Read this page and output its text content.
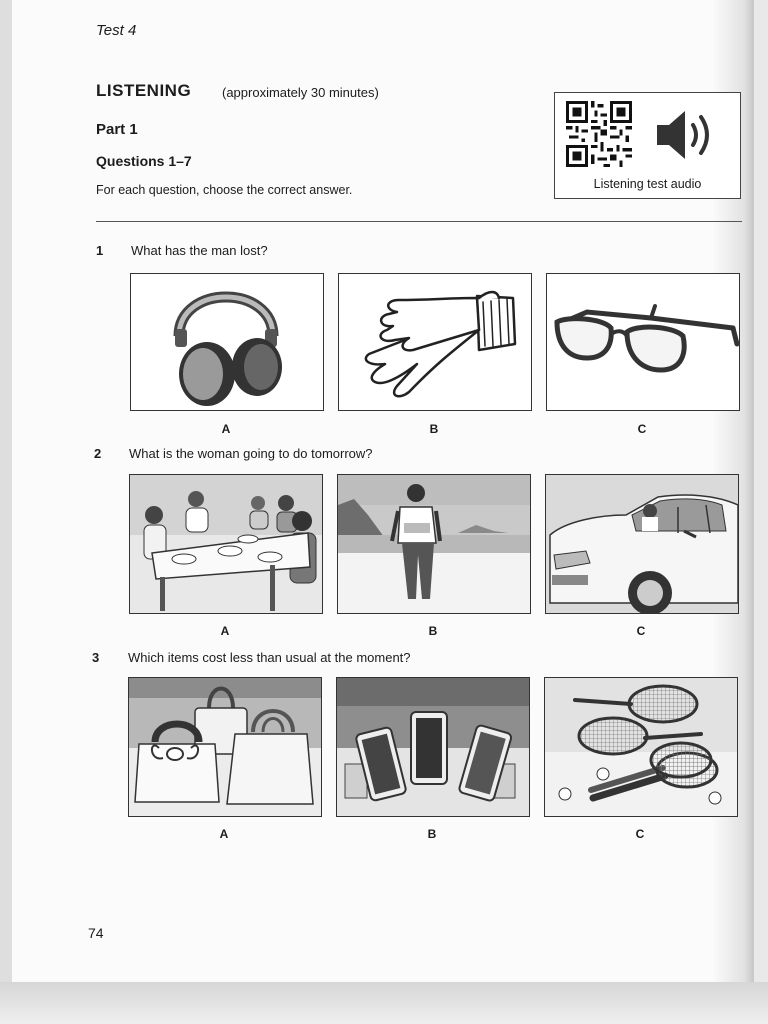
Test 4
LISTENING (approximately 30 minutes)
Part 1
Questions 1–7
For each question, choose the correct answer.	Listening test audio
1 What has the man lost?
A	B	C
2 What is the woman going to do tomorrow?
A	B	C
3 Which items cost less than usual at the moment?
A	B	C
74
